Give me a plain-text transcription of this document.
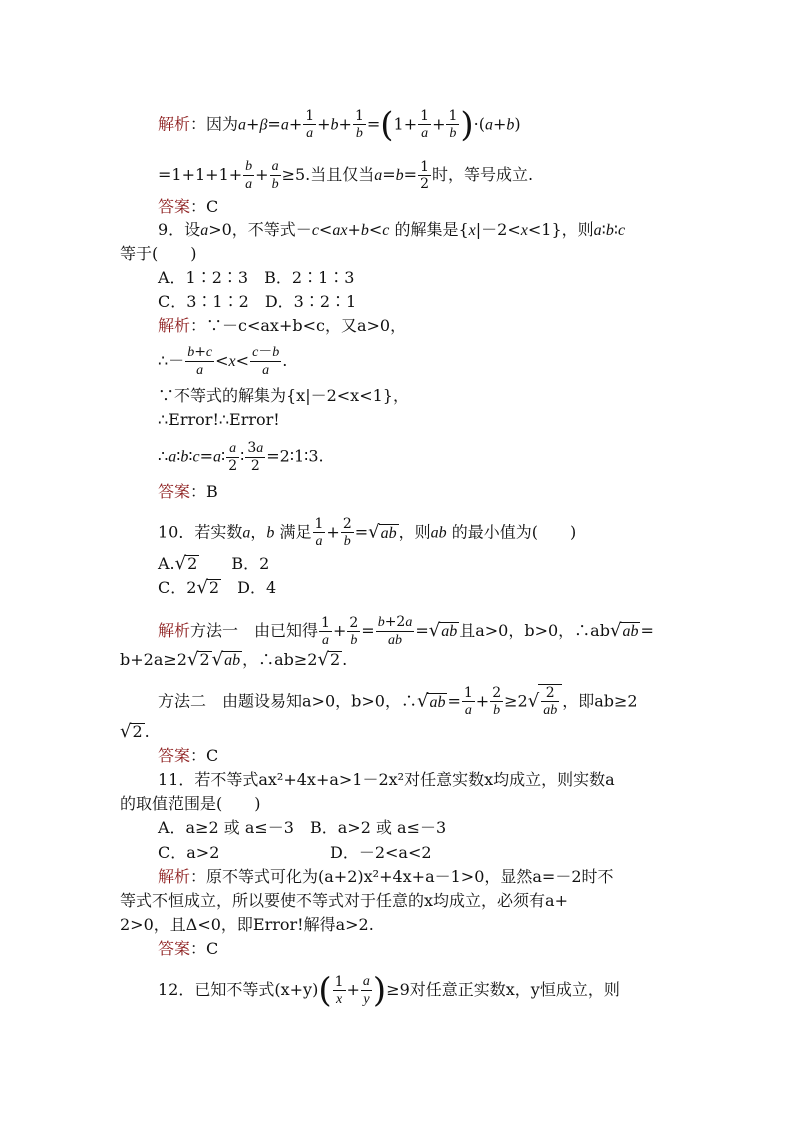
解析：因为$a+\beta=a+ \frac{1}{a} +b+ \frac{1}{b} =(1+ \frac{1}{a} + \frac{1}{b} )\cdot(a+b)$
$=1+1+1+ \frac{b}{a} + \frac{a}{b} \ge 5$.当且仅当$a=b= \frac{1}{2}$ 时，等号成立.
答案：C
9．设a>0，不等式－c<ax+b<c 的解集是{x|－2<x<1}，则a∶b∶c
等于(　　)
A．1∶2∶3　 B．2∶1∶3
C．3∶1∶2　 D．3∶2∶1
解析：∵－c<ax+b<c，又a>0，
∴－ $\frac{b+c}{a} <x< \frac{c-b}{a}$ .
∵不等式的解集为{x|－2<x<1}，
∴Error!∴Error!
∴a∶b∶c=a∶ $\frac{a}{2}$ ∶ $\frac{3a}{2}$ =2∶1∶3.
答案：B
10．若实数a，b 满足 $\frac{1}{a} + \frac{2}{b} =√ab$ ，则ab 的最小值为(　　)
A.√2　　 B．2
C．2√2　 D．4
解析方法一　由已知得 $\frac{1}{a} + \frac{2}{b} = \frac{b+2a}{ab} =√ab$ 且a>0，b>0，∴ab√ab =
b+2a≥2√2 √ab ，∴ab≥2√2 .
方法二　由题设易知a>0，b>0，∴√ab = $\frac{1}{a} + \frac{2}{b} \ge 2√ \frac{2}{ab}$ ，即ab≥2
√2 .
答案：C
11．若不等式ax²+4x+a>1－2x²对任意实数x均成立，则实数a
的取值范围是(　　)
A．a≥2 或 a≤－3　 B．a>2 或 a≤－3
C．a>2	D．－2<a<2
解析：原不等式可化为(a+2)x²+4x+a－1>0，显然a=－2时不
等式不恒成立，所以要使不等式对于任意的x均成立，必须有a+
2>0，且Δ<0，即Error!解得a>2.
答案：C
12．已知不等式$(x+y)( \frac{1}{x} + \frac{a}{y} )\ge 9$对任意正实数x，y恒成立，则
